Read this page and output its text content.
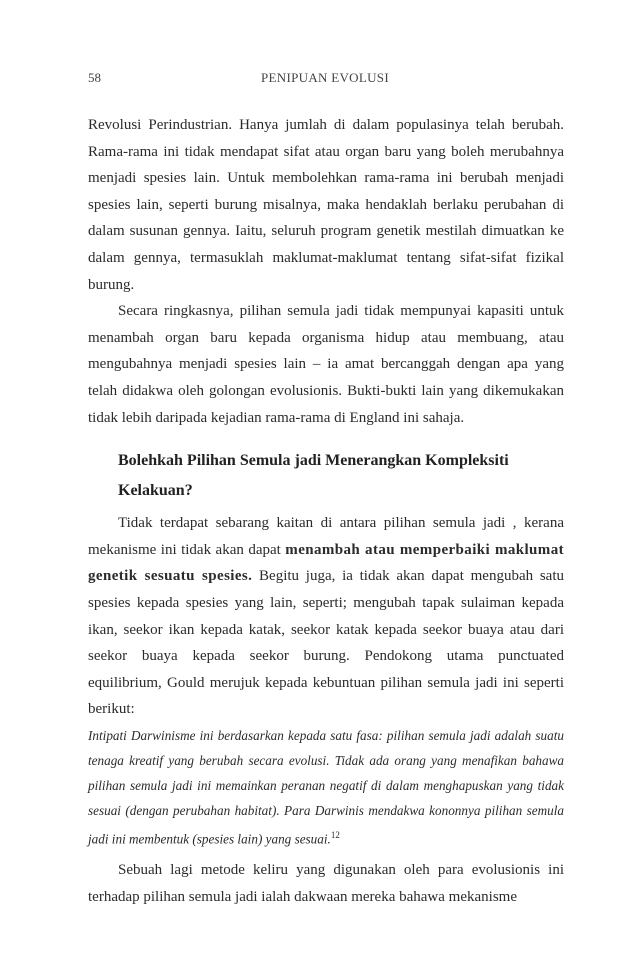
58	PENIPUAN EVOLUSI

Revolusi Perindustrian. Hanya jumlah di dalam populasinya telah berubah. Rama-rama ini tidak mendapat sifat atau organ baru yang boleh merubahnya menjadi spesies lain. Untuk membolehkan rama-rama ini berubah menjadi spesies lain, seperti burung misalnya, maka hendaklah berlaku perubahan di dalam susunan gennya. Iaitu, seluruh program genetik mestilah dimuatkan ke dalam gennya, termasuklah maklumat-maklumat tentang sifat-sifat fizikal burung.

Secara ringkasnya, pilihan semula jadi tidak mempunyai kapasiti untuk menambah organ baru kepada organisma hidup atau membuang, atau mengubahnya menjadi spesies lain – ia amat bercanggah dengan apa yang telah didakwa oleh golongan evolusionis. Bukti-bukti lain yang dikemukakan tidak lebih daripada kejadian rama-rama di England ini sahaja.

Bolehkah Pilihan Semula jadi Menerangkan Kompleksiti Kelakuan?

Tidak terdapat sebarang kaitan di antara pilihan semula jadi , kerana mekanisme ini tidak akan dapat menambah atau memperbaiki maklumat genetik sesuatu spesies. Begitu juga, ia tidak akan dapat mengubah satu spesies kepada spesies yang lain, seperti; mengubah tapak sulaiman kepada ikan, seekor ikan kepada katak, seekor katak kepada seekor buaya atau dari seekor buaya kepada seekor burung. Pendokong utama punctuated equilibrium, Gould merujuk kepada kebuntuan pilihan semula jadi ini seperti berikut:

Intipati Darwinisme ini berdasarkan kepada satu fasa: pilihan semula jadi adalah suatu tenaga kreatif yang berubah secara evolusi. Tidak ada orang yang menafikan bahawa pilihan semula jadi ini memainkan peranan negatif di dalam menghapuskan yang tidak sesuai (dengan perubahan habitat). Para Darwinis mendakwa kononnya pilihan semula jadi ini membentuk (spesies lain) yang sesuai.$^{12}$

Sebuah lagi metode keliru yang digunakan oleh para evolusionis ini terhadap pilihan semula jadi ialah dakwaan mereka bahawa mekanisme
